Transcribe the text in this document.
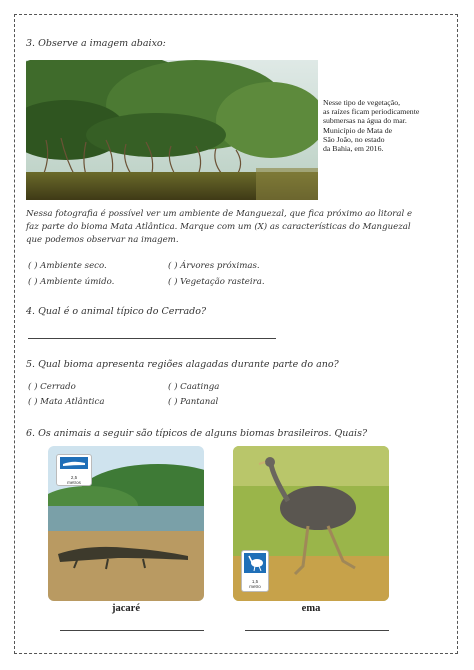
3. Observe a imagem abaixo:
Nesse tipo de vegetação,
as raízes ficam periodicamente
submersas na água do mar.
Município de Mata de
São João, no estado
da Bahia, em 2016.
Nessa fotografia é possível ver um ambiente de Manguezal, que fica próximo ao litoral e
faz parte do bioma Mata Atlântica. Marque com um (X) as características do Manguezal
que podemos observar na imagem.
( ) Ambiente seco.	( ) Árvores próximas.
( ) Ambiente úmido.	( ) Vegetação rasteira.
4. Qual é o animal típico do Cerrado?
5. Qual bioma apresenta regiões alagadas durante parte do ano?
( ) Cerrado	( ) Caatinga
( ) Mata Atlântica	( ) Pantanal
6. Os animais a seguir são típicos de alguns biomas brasileiros. Quais?
2,5
metros
jacaré
1,5
metro
ema
